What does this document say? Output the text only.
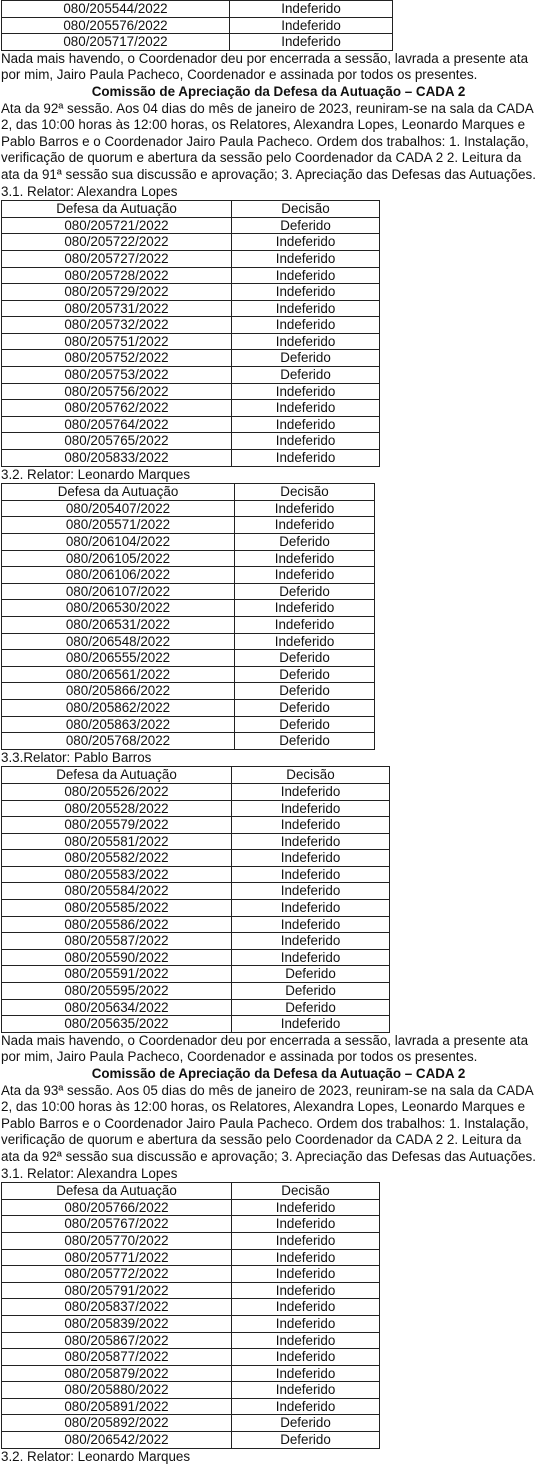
080/205544/2022	Indeferido
080/205576/2022	Indeferido
080/205717/2022	Indeferido

Nada mais havendo, o Coordenador deu por encerrada a sessão, lavrada a presente ata

por mim, Jairo Paula Pacheco, Coordenador e assinada por todos os presentes.

Comissão de Apreciação da Defesa da Autuação – CADA 2

Ata da 92ª sessão. Aos 04 dias do mês de janeiro de 2023, reuniram-se na sala da CADA

2, das 10:00 horas às 12:00 horas, os Relatores, Alexandra Lopes, Leonardo Marques e

Pablo Barros e o Coordenador Jairo Paula Pacheco. Ordem dos trabalhos: 1. Instalação,

verificação de quorum e abertura da sessão pelo Coordenador da CADA 2 2. Leitura da

ata da 91ª sessão sua discussão e aprovação; 3. Apreciação das Defesas das Autuações.

3.1. Relator: Alexandra Lopes

Defesa da Autuação	Decisão
080/205721/2022	Deferido
080/205722/2022	Indeferido
080/205727/2022	Indeferido
080/205728/2022	Indeferido
080/205729/2022	Indeferido
080/205731/2022	Indeferido
080/205732/2022	Indeferido
080/205751/2022	Indeferido
080/205752/2022	Deferido
080/205753/2022	Deferido
080/205756/2022	Indeferido
080/205762/2022	Indeferido
080/205764/2022	Indeferido
080/205765/2022	Indeferido
080/205833/2022	Indeferido

3.2. Relator: Leonardo Marques

Defesa da Autuação	Decisão
080/205407/2022	Indeferido
080/205571/2022	Indeferido
080/206104/2022	Deferido
080/206105/2022	Indeferido
080/206106/2022	Indeferido
080/206107/2022	Deferido
080/206530/2022	Indeferido
080/206531/2022	Indeferido
080/206548/2022	Indeferido
080/206555/2022	Deferido
080/206561/2022	Deferido
080/205866/2022	Deferido
080/205862/2022	Deferido
080/205863/2022	Deferido
080/205768/2022	Deferido

3.3.Relator: Pablo Barros

Defesa da Autuação	Decisão
080/205526/2022	Indeferido
080/205528/2022	Indeferido
080/205579/2022	Indeferido
080/205581/2022	Indeferido
080/205582/2022	Indeferido
080/205583/2022	Indeferido
080/205584/2022	Indeferido
080/205585/2022	Indeferido
080/205586/2022	Indeferido
080/205587/2022	Indeferido
080/205590/2022	Indeferido
080/205591/2022	Deferido
080/205595/2022	Deferido
080/205634/2022	Deferido
080/205635/2022	Indeferido

Nada mais havendo, o Coordenador deu por encerrada a sessão, lavrada a presente ata

por mim, Jairo Paula Pacheco, Coordenador e assinada por todos os presentes.

Comissão de Apreciação da Defesa da Autuação – CADA 2

Ata da 93ª sessão. Aos 05 dias do mês de janeiro de 2023, reuniram-se na sala da CADA

2, das 10:00 horas às 12:00 horas, os Relatores, Alexandra Lopes, Leonardo Marques e

Pablo Barros e o Coordenador Jairo Paula Pacheco. Ordem dos trabalhos: 1. Instalação,

verificação de quorum e abertura da sessão pelo Coordenador da CADA 2 2. Leitura da

ata da 92ª sessão sua discussão e aprovação; 3. Apreciação das Defesas das Autuações.

3.1. Relator: Alexandra Lopes

Defesa da Autuação	Decisão
080/205766/2022	Indeferido
080/205767/2022	Indeferido
080/205770/2022	Indeferido
080/205771/2022	Indeferido
080/205772/2022	Indeferido
080/205791/2022	Indeferido
080/205837/2022	Indeferido
080/205839/2022	Indeferido
080/205867/2022	Indeferido
080/205877/2022	Indeferido
080/205879/2022	Indeferido
080/205880/2022	Indeferido
080/205891/2022	Indeferido
080/205892/2022	Deferido
080/206542/2022	Deferido

3.2. Relator: Leonardo Marques
